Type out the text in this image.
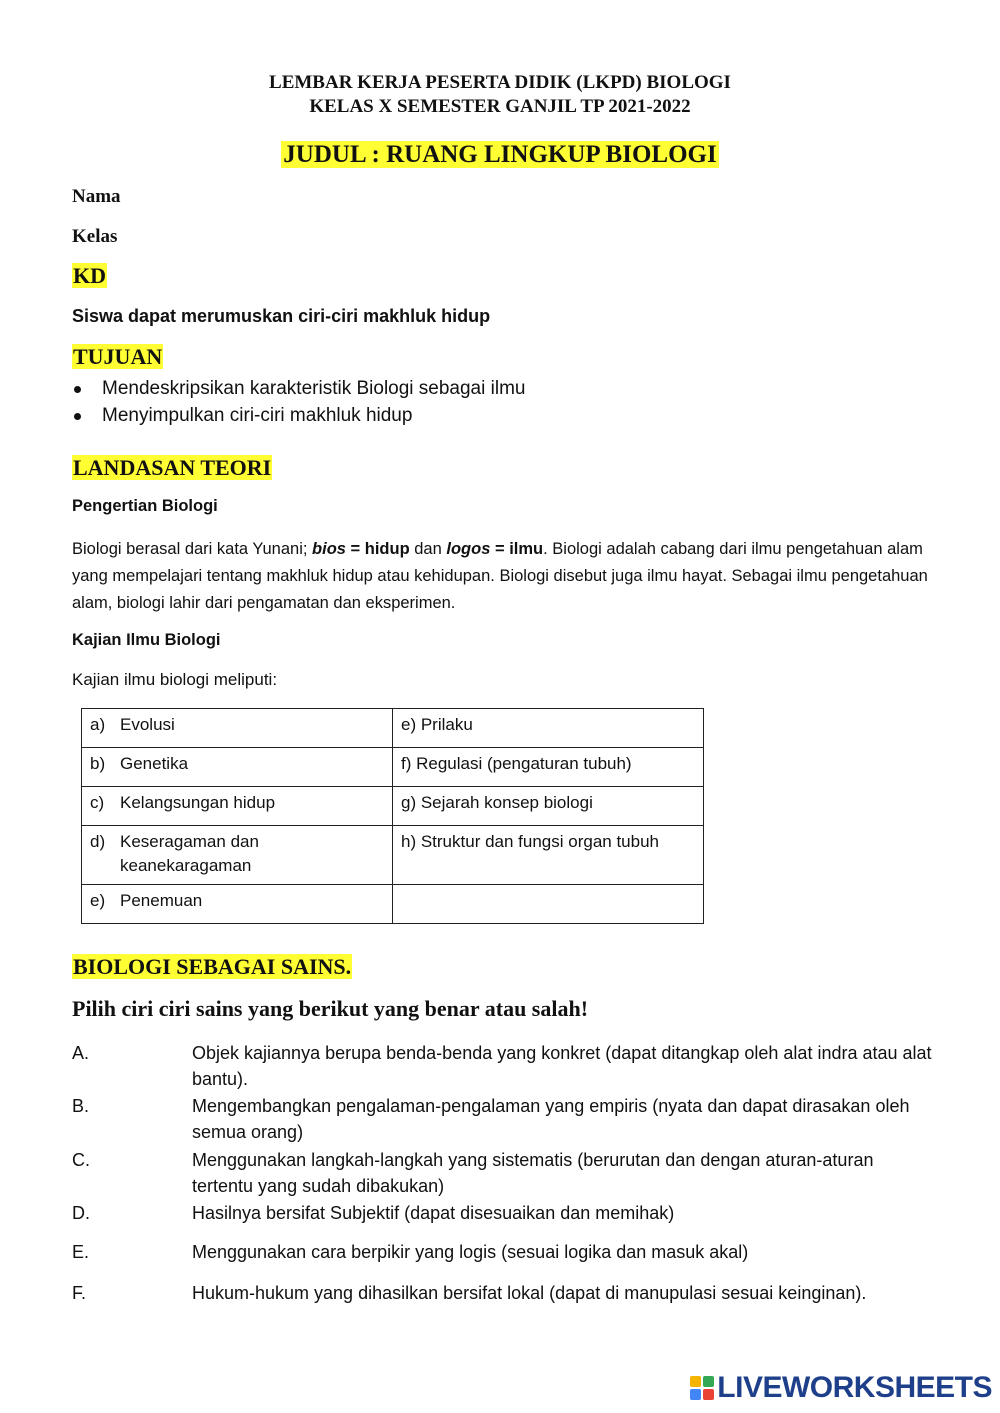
LEMBAR KERJA PESERTA DIDIK (LKPD) BIOLOGI
KELAS X SEMESTER GANJIL TP 2021-2022
JUDUL : RUANG LINGKUP BIOLOGI
Nama
Kelas
KD
Siswa dapat merumuskan ciri-ciri makhluk hidup
TUJUAN
Mendeskripsikan karakteristik Biologi sebagai ilmu
Menyimpulkan ciri-ciri makhluk hidup
LANDASAN TEORI
Pengertian Biologi
Biologi berasal dari kata Yunani; bios = hidup dan logos = ilmu. Biologi adalah cabang dari ilmu pengetahuan alam yang mempelajari tentang makhluk hidup atau kehidupan. Biologi disebut juga ilmu hayat. Sebagai ilmu pengetahuan alam, biologi lahir dari pengamatan dan eksperimen.
Kajian Ilmu Biologi
Kajian ilmu biologi meliputi:
a) Evolusi	e) Prilaku

b) Genetika	f) Regulasi (pengaturan tubuh)

c) Kelangsungan hidup	g) Sejarah konsep biologi

d) Keseragaman dan keanekaragaman	h) Struktur dan fungsi organ tubuh

e) Penemuan	

BIOLOGI SEBAGAI SAINS.
Pilih ciri ciri sains yang berikut yang benar atau salah!
A.	Objek kajiannya berupa benda-benda yang konkret (dapat ditangkap oleh alat indra atau alat bantu).
B.	Mengembangkan pengalaman-pengalaman yang empiris (nyata dan dapat dirasakan oleh semua orang)
C.	Menggunakan langkah-langkah yang sistematis (berurutan dan dengan aturan-aturan tertentu yang sudah dibakukan)
D.	Hasilnya bersifat Subjektif (dapat disesuaikan dan memihak)
E.	Menggunakan cara berpikir yang logis (sesuai logika dan masuk akal)
F.	Hukum-hukum yang dihasilkan bersifat lokal (dapat di manupulasi sesuai keinginan).
LIVEWORKSHEETS
